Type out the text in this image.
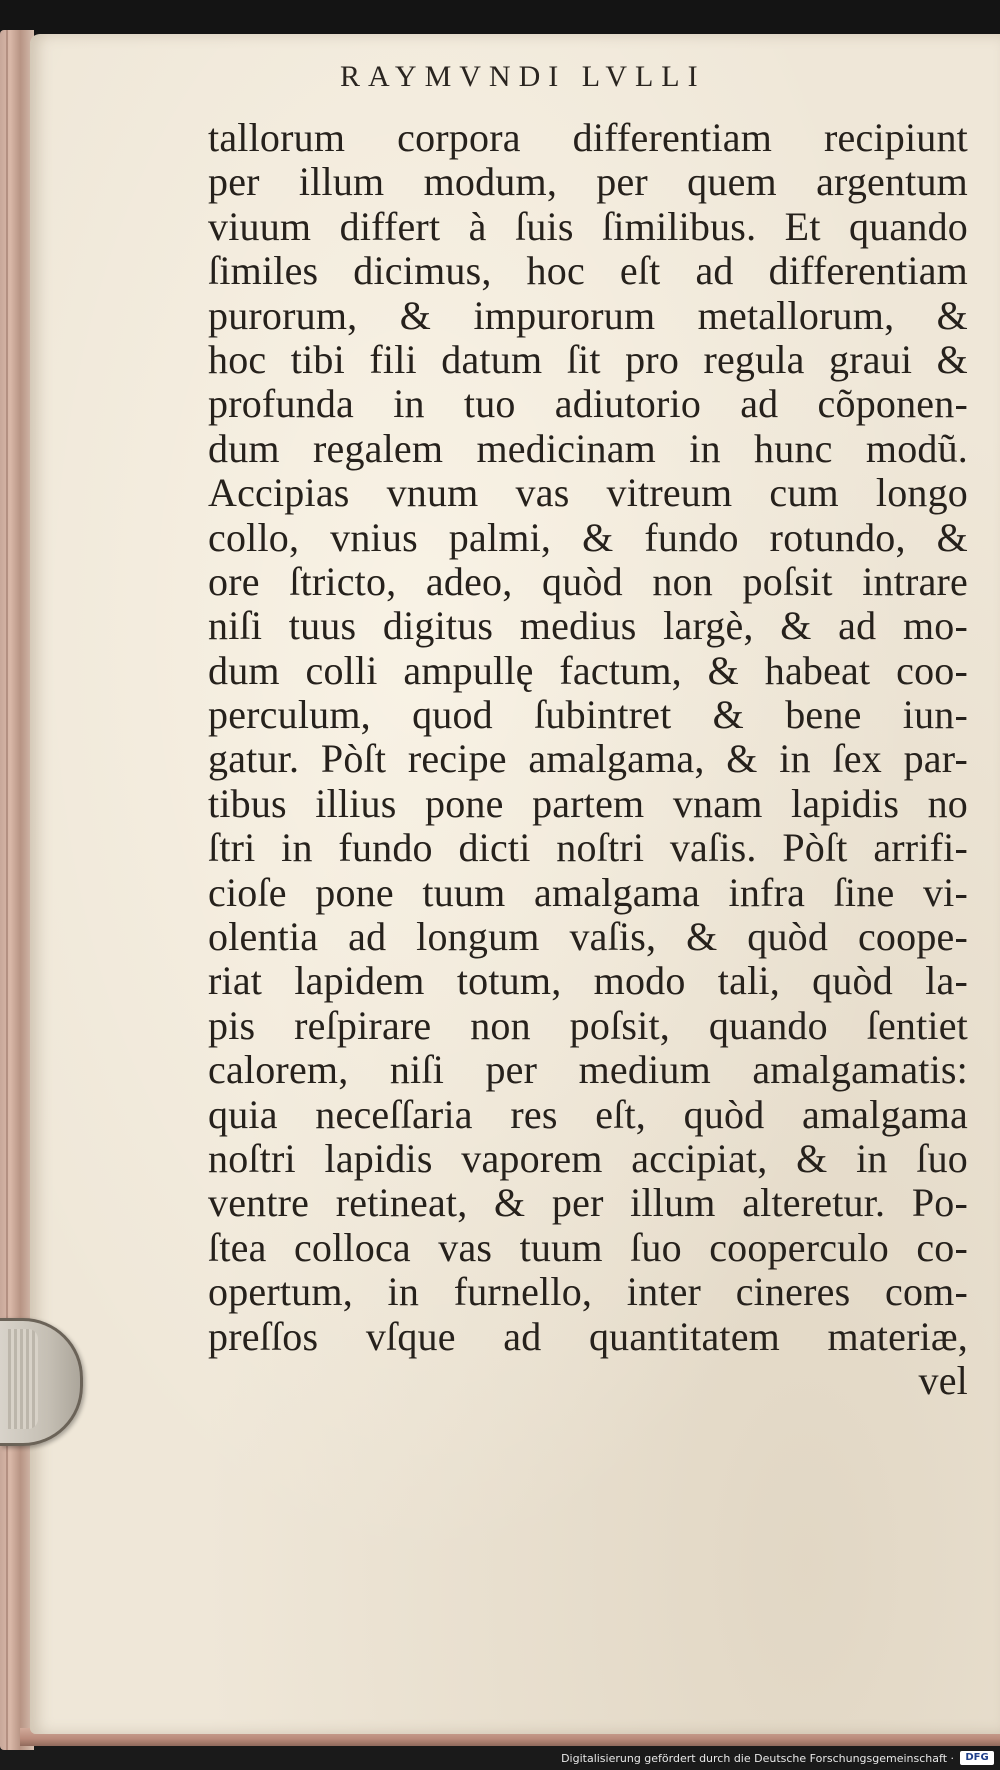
RAYMVNDI LVLLI
tallorum corpora differentiam recipiunt
per illum modum, per quem argentum
viuum differt à ſuis ſimilibus. Et quando
ſimiles dicimus, hoc eſt ad differentiam
purorum, & impurorum metallorum, &
hoc tibi fili datum ſit pro regula graui &
profunda in tuo adiutorio ad cõponen-
dum regalem medicinam in hunc modũ.
Accipias vnum vas vitreum cum longo
collo, vnius palmi, & fundo rotundo, &
ore ſtricto, adeo, quòd non poſsit intrare
niſi tuus digitus medius largè, & ad mo-
dum colli ampullę factum, & habeat coo-
perculum, quod ſubintret & bene iun-
gatur. Pòſt recipe amalgama, & in ſex par-
tibus illius pone partem vnam lapidis no
ſtri in fundo dicti noſtri vaſis. Pòſt arrifi-
cioſe pone tuum amalgama infra ſine vi-
olentia ad longum vaſis, & quòd coope-
riat lapidem totum, modo tali, quòd la-
pis reſpirare non poſsit, quando ſentiet
calorem, niſi per medium amalgamatis:
quia neceſſaria res eſt, quòd amalgama
noſtri lapidis vaporem accipiat, & in ſuo
ventre retineat, & per illum alteretur. Po-
ſtea colloca vas tuum ſuo cooperculo co-
opertum, in furnello, inter cineres com-
preſſos vſque ad quantitatem materiæ,
vel
Digitalisierung gefördert durch die Deutsche Forschungsgemeinschaft ·	DFG
